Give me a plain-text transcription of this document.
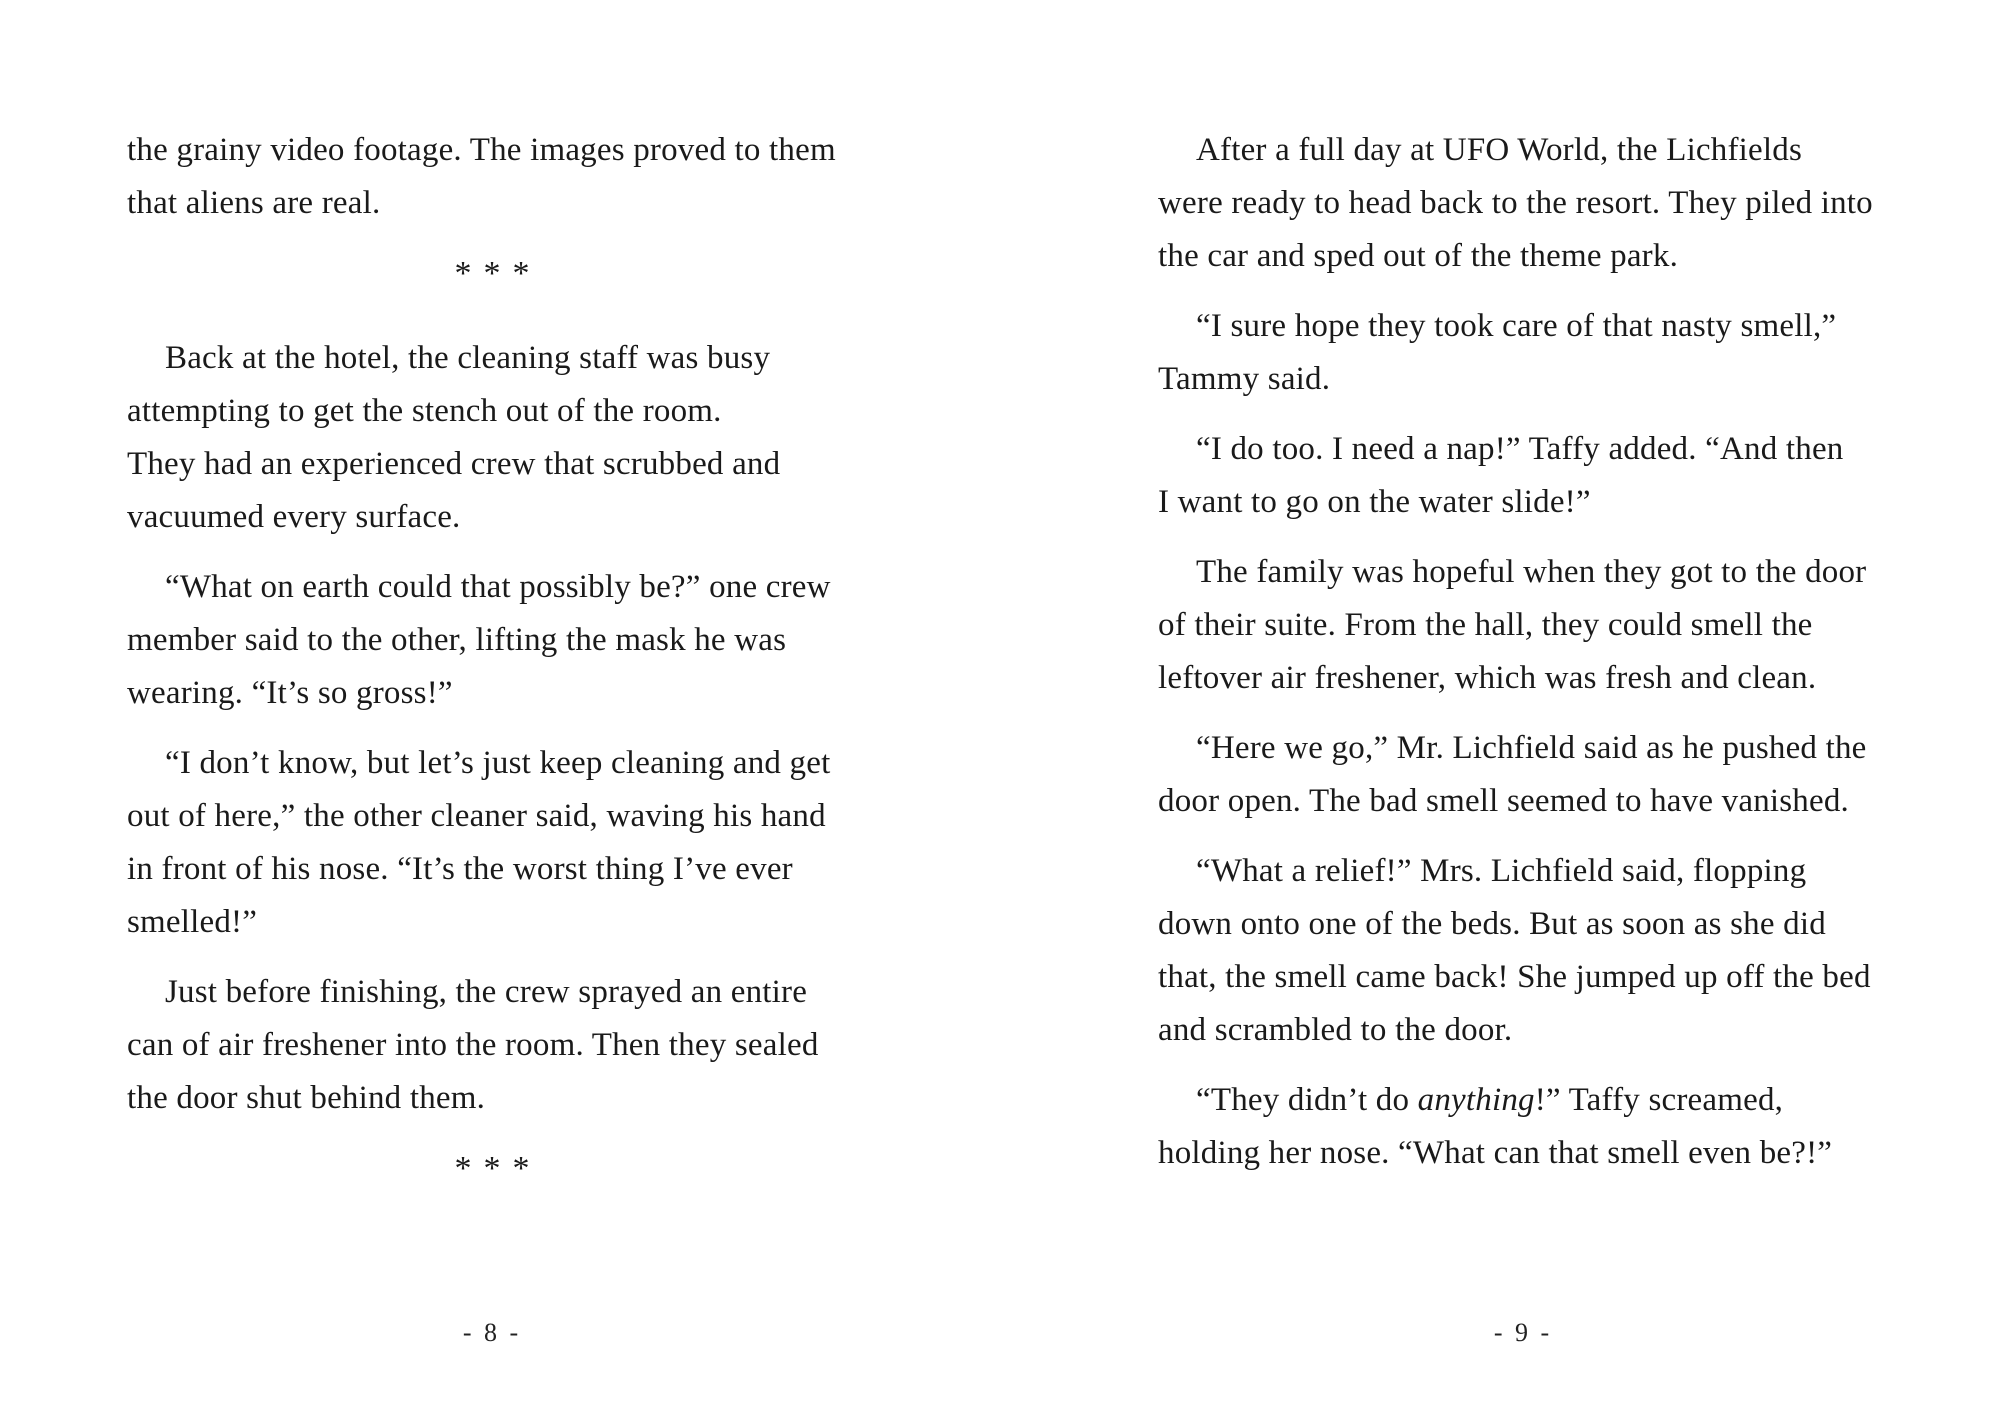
the grainy video footage. The images proved to them
that aliens are real.
***
Back at the hotel, the cleaning staff was busy
attempting to get the stench out of the room.
They had an experienced crew that scrubbed and
vacuumed every surface.
“What on earth could that possibly be?” one crew
member said to the other, lifting the mask he was
wearing. “It’s so gross!”
“I don’t know, but let’s just keep cleaning and get
out of here,” the other cleaner said, waving his hand
in front of his nose. “It’s the worst thing I’ve ever
smelled!”
Just before finishing, the crew sprayed an entire
can of air freshener into the room. Then they sealed
the door shut behind them.
***
- 8 -
After a full day at UFO World, the Lichfields
were ready to head back to the resort. They piled into
the car and sped out of the theme park.
“I sure hope they took care of that nasty smell,”
Tammy said.
“I do too. I need a nap!” Taffy added. “And then
I want to go on the water slide!”
The family was hopeful when they got to the door
of their suite. From the hall, they could smell the
leftover air freshener, which was fresh and clean.
“Here we go,” Mr. Lichfield said as he pushed the
door open. The bad smell seemed to have vanished.
“What a relief!” Mrs. Lichfield said, flopping
down onto one of the beds. But as soon as she did
that, the smell came back! She jumped up off the bed
and scrambled to the door.
“They didn’t do anything!” Taffy screamed,
holding her nose. “What can that smell even be?!”
- 9 -
